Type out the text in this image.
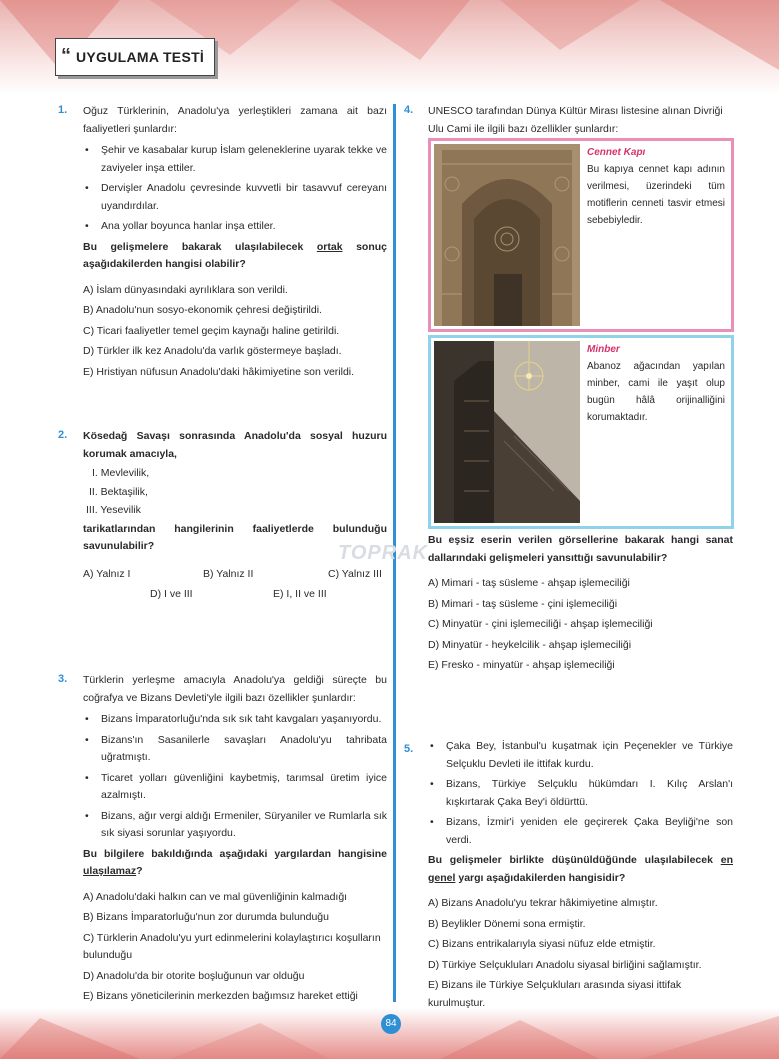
“ UYGULAMA TESTİ
TOPRAK
1. Oğuz Türklerinin, Anadolu'ya yerleştikleri zamana ait bazı faaliyetleri şunlardır:
• Şehir ve kasabalar kurup İslam geleneklerine uyarak tekke ve zaviyeler inşa ettiler.
• Dervişler Anadolu çevresinde kuvvetli bir tasavvuf cereyanı uyandırdılar.
• Ana yollar boyunca hanlar inşa ettiler.
Bu gelişmelere bakarak ulaşılabilecek ortak sonuç aşağıdakilerden hangisi olabilir?
A) İslam dünyasındaki ayrılıklara son verildi.
B) Anadolu'nun sosyo-ekonomik çehresi değiştirildi.
C) Ticari faaliyetler temel geçim kaynağı haline getirildi.
D) Türkler ilk kez Anadolu'da varlık göstermeye başladı.
E) Hristiyan nüfusun Anadolu'daki hâkimiyetine son verildi.
2. Kösedağ Savaşı sonrasında Anadolu'da sosyal huzuru korumak amacıyla,
I. Mevlevilik,
II. Bektaşilik,
III. Yesevilik
tarikatlarından hangilerinin faaliyetlerde bulunduğu savunulabilir?
A) Yalnız I	B) Yalnız II	C) Yalnız III
D) I ve III	E) I, II ve III
3. Türklerin yerleşme amacıyla Anadolu'ya geldiği süreçte bu coğrafya ve Bizans Devleti'yle ilgili bazı özellikler şunlardır:
• Bizans İmparatorluğu'nda sık sık taht kavgaları yaşanıyordu.
• Bizans'ın Sasanilerle savaşları Anadolu'yu tahribata uğratmıştı.
• Ticaret yolları güvenliğini kaybetmiş, tarımsal üretim iyice azalmıştı.
• Bizans, ağır vergi aldığı Ermeniler, Süryaniler ve Rumlarla sık sık siyasi sorunlar yaşıyordu.
Bu bilgilere bakıldığında aşağıdaki yargılardan hangisine ulaşılamaz?
A) Anadolu'daki halkın can ve mal güvenliğinin kalmadığı
B) Bizans İmparatorluğu'nun zor durumda bulunduğu
C) Türklerin Anadolu'yu yurt edinmelerini kolaylaştırıcı koşulların bulunduğu
D) Anadolu'da bir otorite boşluğunun var olduğu
E) Bizans yöneticilerinin merkezden bağımsız hareket ettiği
4. UNESCO tarafından Dünya Kültür Mirası listesine alınan Divriği Ulu Cami ile ilgili bazı özellikler şunlardır:
Cennet Kapı
Bu kapıya cennet kapı adının verilmesi, üzerindeki tüm motiflerin cenneti tasvir etmesi sebebiyledir.
Minber
Abanoz ağacından yapılan minber, cami ile yaşıt olup bugün hâlâ orijinalliğini korumaktadır.
Bu eşsiz eserin verilen görsellerine bakarak hangi sanat dallarındaki gelişmeleri yansıttığı savunulabilir?
A) Mimari - taş süsleme - ahşap işlemeciliği
B) Mimari - taş süsleme - çini işlemeciliği
C) Minyatür - çini işlemeciliği - ahşap işlemeciliği
D) Minyatür - heykelcilik - ahşap işlemeciliği
E) Fresko - minyatür - ahşap işlemeciliği
5.
•	Çaka Bey, İstanbul'u kuşatmak için Peçenekler ve Türkiye Selçuklu Devleti ile ittifak kurdu.
• Bizans, Türkiye Selçuklu hükümdarı I. Kılıç Arslan'ı kışkırtarak Çaka Bey'i öldürttü.
• Bizans, İzmir'i yeniden ele geçirerek Çaka Beyliği'ne son verdi.
Bu gelişmeler birlikte düşünüldüğünde ulaşılabilecek en genel yargı aşağıdakilerden hangisidir?
A) Bizans Anadolu'yu tekrar hâkimiyetine almıştır.
B) Beylikler Dönemi sona ermiştir.
C) Bizans entrikalarıyla siyasi nüfuz elde etmiştir.
D) Türkiye Selçukluları Anadolu siyasal birliğini sağlamıştır.
E) Bizans ile Türkiye Selçukluları arasında siyasi ittifak kurulmuştur.
84
